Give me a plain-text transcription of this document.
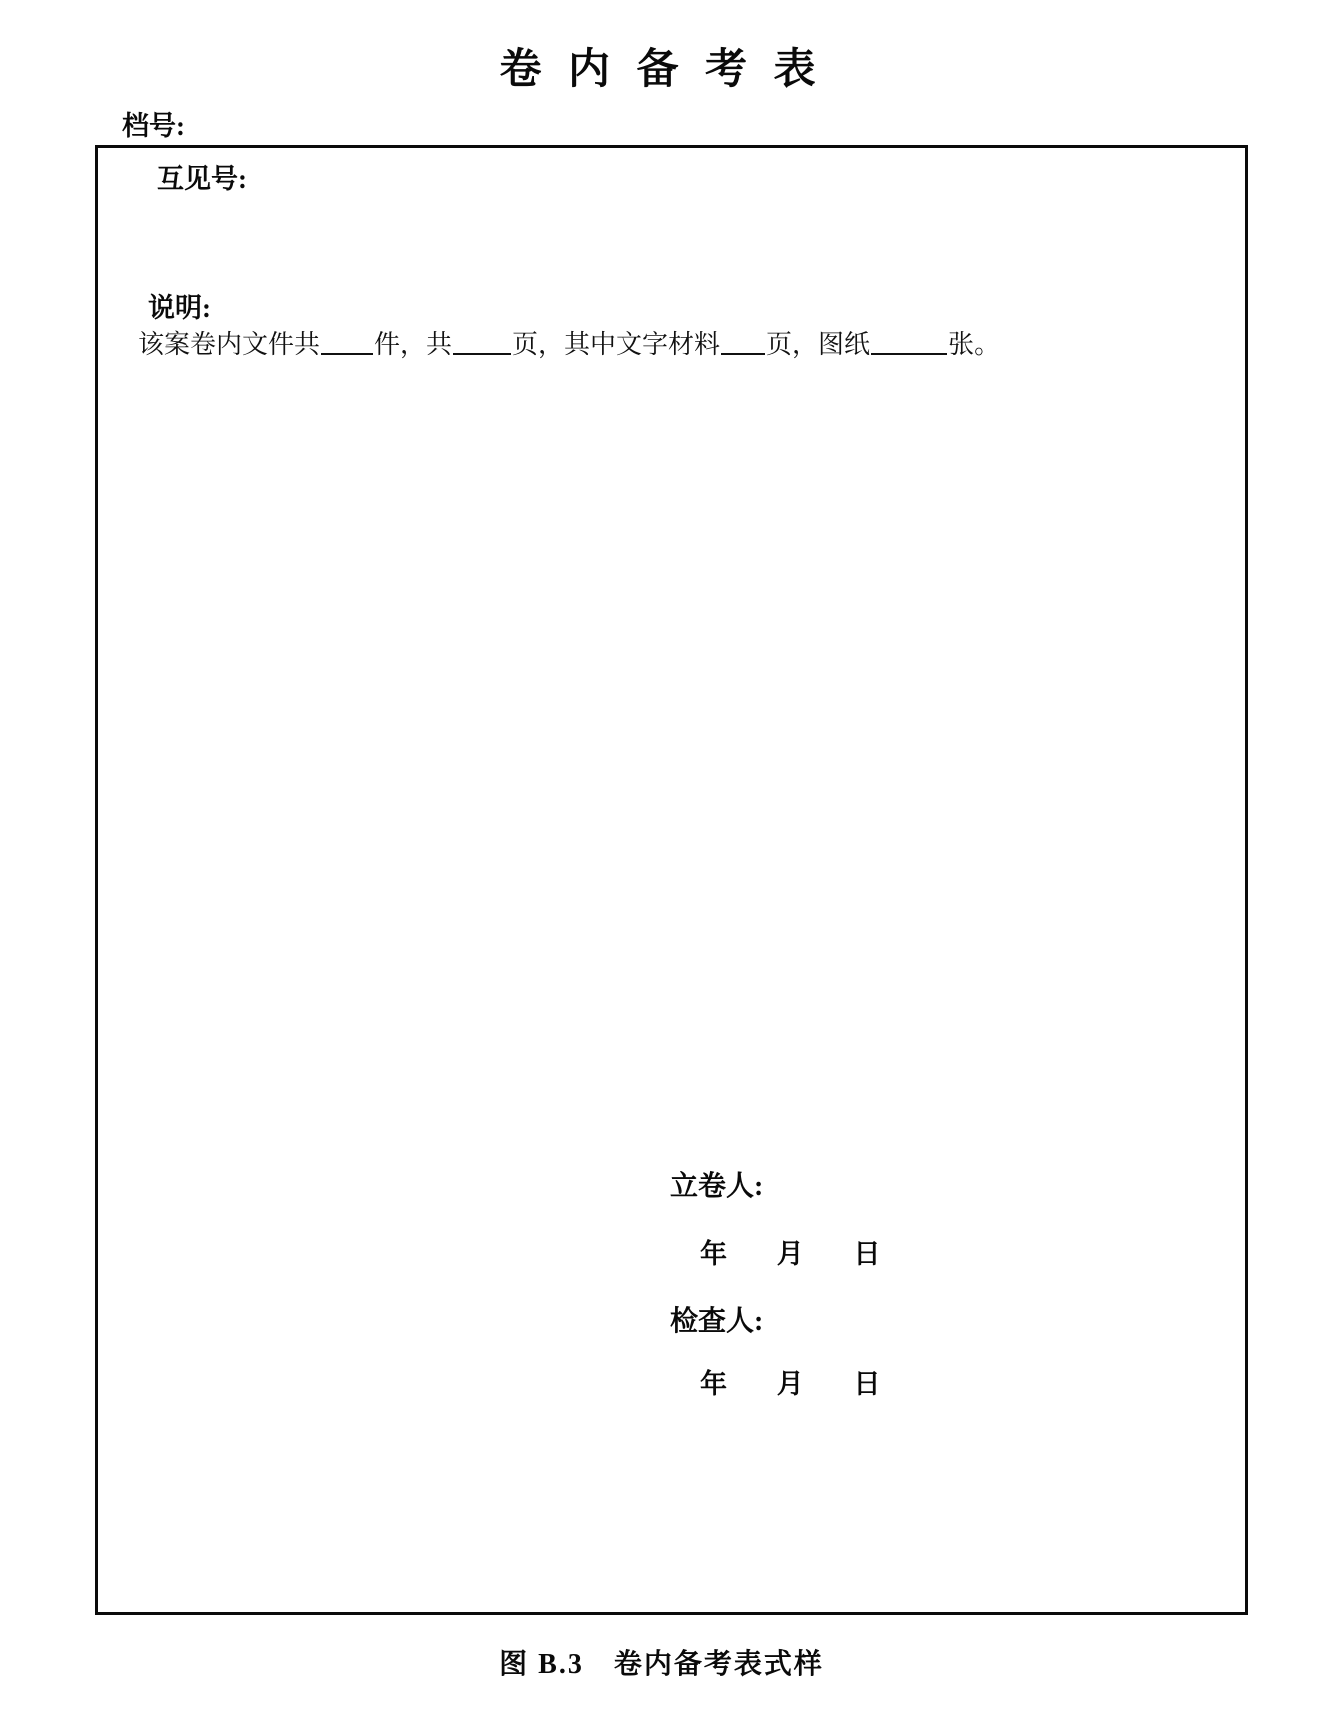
卷 内 备 考 表
档号:
互见号:
说明:
该案卷内文件共 件，共 页，其中文字材料 页，图纸	张。
立卷人:
年 月 日
检查人:
年 月 日
图 B.3　卷内备考表式样
